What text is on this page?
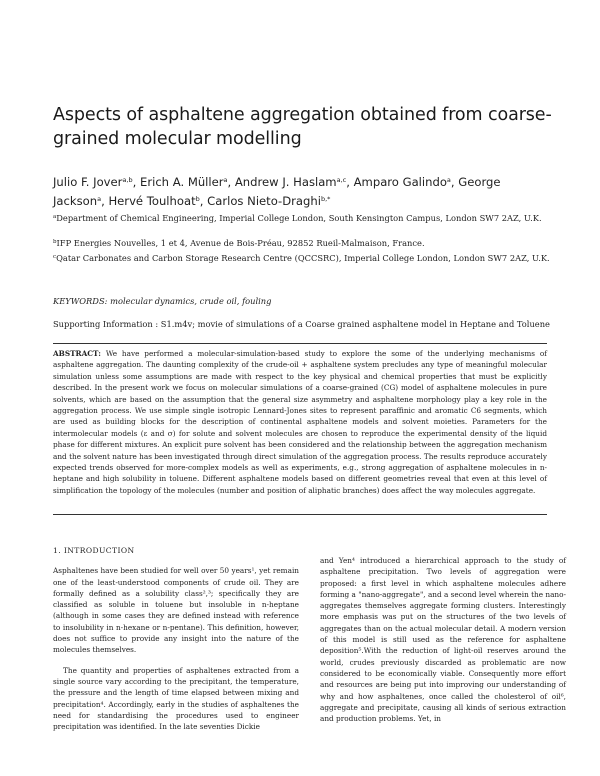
Aspects of asphaltene aggregation obtained from coarse-grained molecular modelling
Julio F. Jover$^{a,b}$, Erich A. Müller$^a$, Andrew J. Haslam$^{a,c}$, Amparo Galindo$^a$, George Jackson$^a$, Hervé Toulhoat$^b$, Carlos Nieto-Draghi$^{b,*}$
$^a$Department of Chemical Engineering, Imperial College London, South Kensington Campus, London SW7 2AZ, U.K.
$^b$IFP Energies Nouvelles, 1 et 4, Avenue de Bois-Préau, 92852 Rueil-Malmaison, France.
$^c$Qatar Carbonates and Carbon Storage Research Centre (QCCSRC), Imperial College London, London SW7 2AZ, U.K.
KEYWORDS: molecular dynamics, crude oil, fouling
Supporting Information : S1.m4v; movie of simulations of a Coarse grained asphaltene model in Heptane and Toluene
ABSTRACT: We have performed a molecular-simulation-based study to explore the some of the underlying mechanisms of asphaltene aggregation. The daunting complexity of the crude-oil + asphaltene system precludes any type of meaningful molecular simulation unless some assumptions are made with respect to the key physical and chemical properties that must be explicitly described. In the present work we focus on molecular simulations of a coarse-grained (CG) model of asphaltene molecules in pure solvents, which are based on the assumption that the general size asymmetry and asphaltene morphology play a key role in the aggregation process. We use simple single isotropic Lennard-Jones sites to represent paraffinic and aromatic C6 segments, which are used as building blocks for the description of continental asphaltene models and solvent moieties. Parameters for the intermolecular models (ε and σ) for solute and solvent molecules are chosen to reproduce the experimental density of the liquid phase for different mixtures. An explicit pure solvent has been considered and the relationship between the aggregation mechanism and the solvent nature has been investigated through direct simulation of the aggregation process. The results reproduce accurately expected trends observed for more-complex models as well as experiments, e.g., strong aggregation of asphaltene molecules in n-heptane and high solubility in toluene. Different asphaltene models based on different geometries reveal that even at this level of simplification the topology of the molecules (number and position of aliphatic branches) does affect the way molecules aggregate.
1. INTRODUCTION

Asphaltenes have been studied for well over 50 years¹, yet remain one of the least-understood components of crude oil. They are formally defined as a solubility class²,³; specifically they are classified as soluble in toluene but insoluble in n-heptane (although in some cases they are defined instead with reference to insolubility in n-hexane or n-pentane). This definition, however, does not suffice to provide any insight into the nature of the molecules themselves.

The quantity and properties of asphaltenes extracted from a single source vary according to the precipitant, the temperature, the pressure and the length of time elapsed between mixing and precipitation⁴. Accordingly, early in the studies of asphaltenes the need for standardising the procedures used to engineer precipitation was identified. In the late seventies Dickie

and Yen⁴ introduced a hierarchical approach to the study of asphaltene precipitation. Two levels of aggregation were proposed: a first level in which asphaltene molecules adhere forming a "nano-aggregate", and a second level wherein the nano-aggregates themselves aggregate forming clusters. Interestingly more emphasis was put on the structures of the two levels of aggregates than on the actual molecular detail. A modern version of this model is still used as the reference for asphaltene deposition⁵.With the reduction of light-oil reserves around the world, crudes previously discarded as problematic are now considered to be economically viable. Consequently more effort and resources are being put into improving our understanding of why and how asphaltenes, once called the cholesterol of oil⁶, aggregate and precipitate, causing all kinds of serious extraction and production problems. Yet, in
